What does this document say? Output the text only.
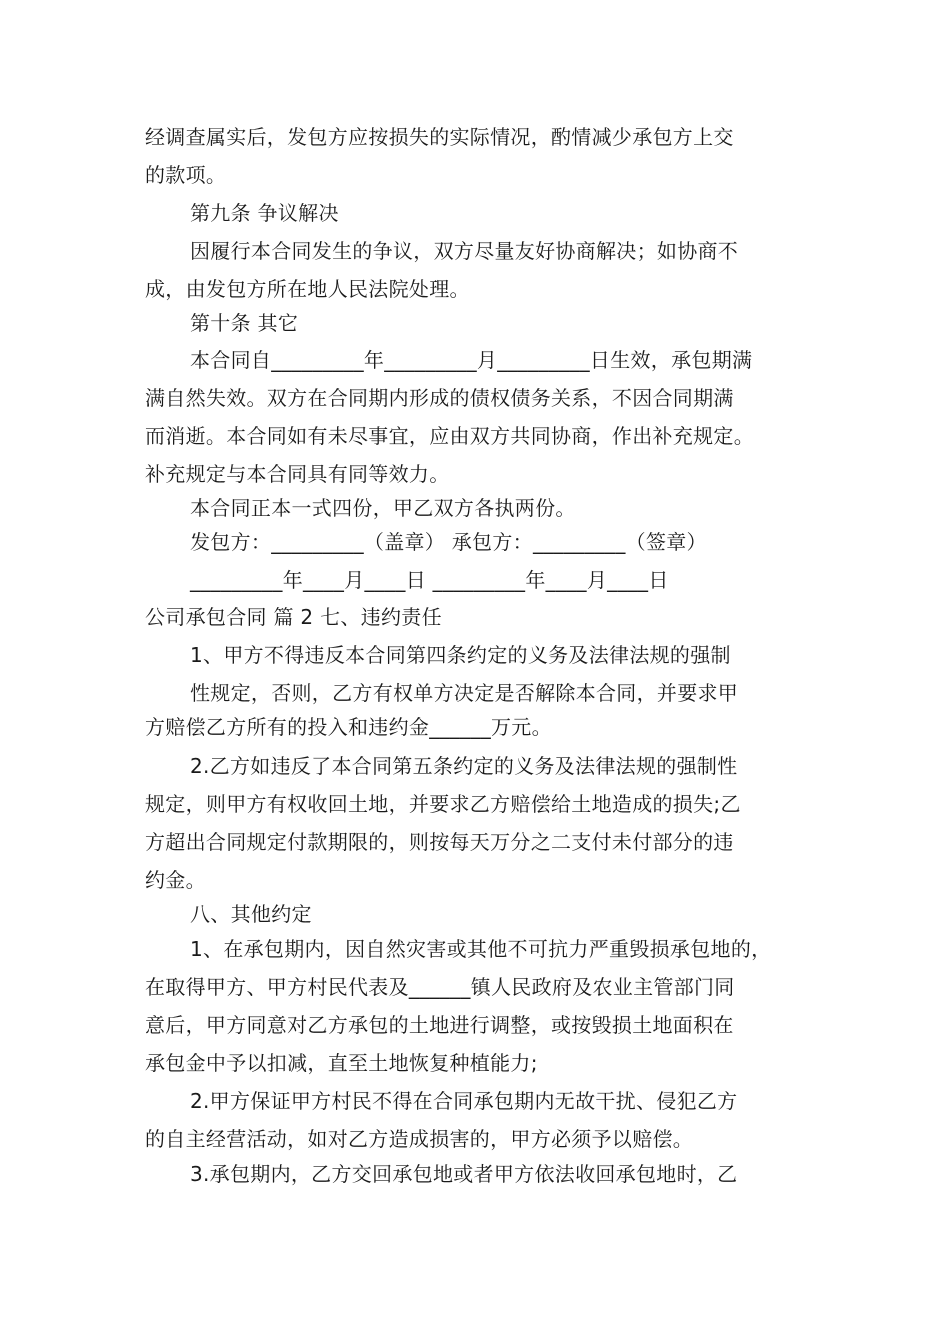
经调查属实后，发包方应按损失的实际情况，酌情减少承包方上交
的款项。
第九条 争议解决
因履行本合同发生的争议，双方尽量友好协商解决；如协商不
成，由发包方所在地人民法院处理。
第十条 其它
本合同自_________年_________月_________日生效，承包期满
满自然失效。双方在合同期内形成的债权债务关系，不因合同期满
而消逝。本合同如有未尽事宜，应由双方共同协商，作出补充规定。
补充规定与本合同具有同等效力。
本合同正本一式四份，甲乙双方各执两份。
发包方：_________（盖章） 承包方：_________（签章）
_________年____月____日 _________年____月____日
公司承包合同 篇 2 七、违约责任
1、甲方不得违反本合同第四条约定的义务及法律法规的强制
性规定，否则，乙方有权单方决定是否解除本合同，并要求甲
方赔偿乙方所有的投入和违约金______万元。
2.乙方如违反了本合同第五条约定的义务及法律法规的强制性
规定，则甲方有权收回土地，并要求乙方赔偿给土地造成的损失;乙
方超出合同规定付款期限的，则按每天万分之二支付未付部分的违
约金。
八、其他约定
1、在承包期内，因自然灾害或其他不可抗力严重毁损承包地的，
在取得甲方、甲方村民代表及______镇人民政府及农业主管部门同
意后，甲方同意对乙方承包的土地进行调整，或按毁损土地面积在
承包金中予以扣减，直至土地恢复种植能力;
2.甲方保证甲方村民不得在合同承包期内无故干扰、侵犯乙方
的自主经营活动，如对乙方造成损害的，甲方必须予以赔偿。
3.承包期内，乙方交回承包地或者甲方依法收回承包地时，乙
